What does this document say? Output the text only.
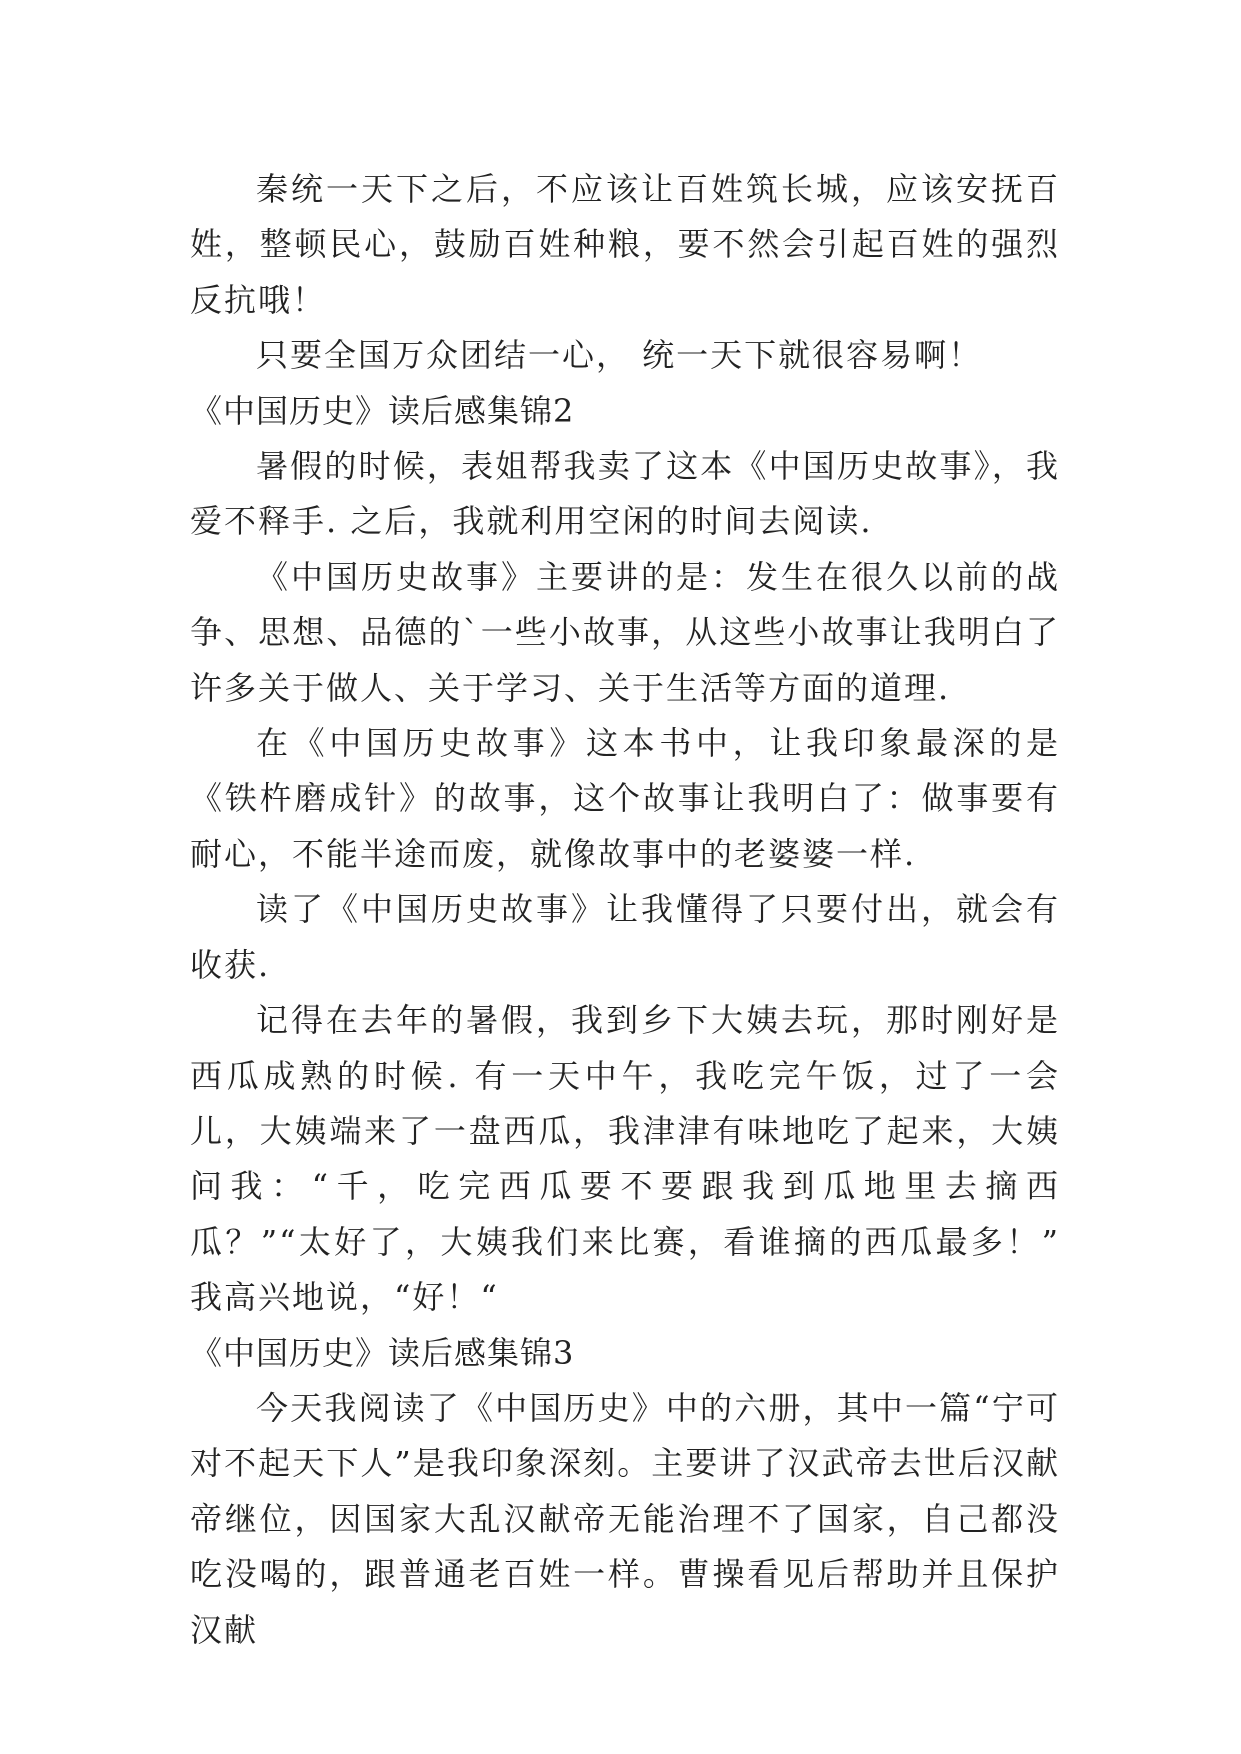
秦统一天下之后，不应该让百姓筑长城，应该安抚百姓，整顿民心，鼓励百姓种粮，要不然会引起百姓的强烈反抗哦！

只要全国万众团结一心， 统一天下就很容易啊！

《中国历史》读后感集锦2

暑假的时候，表姐帮我卖了这本《中国历史故事》，我爱不释手. 之后，我就利用空闲的时间去阅读.

《中国历史故事》主要讲的是：发生在很久以前的战争、思想、品德的`一些小故事，从这些小故事让我明白了许多关于做人、关于学习、关于生活等方面的道理.

在《中国历史故事》这本书中，让我印象最深的是《铁杵磨成针》的故事，这个故事让我明白了：做事要有耐心，不能半途而废，就像故事中的老婆婆一样.

读了《中国历史故事》让我懂得了只要付出，就会有收获.

记得在去年的暑假，我到乡下大姨去玩，那时刚好是西瓜成熟的时候. 有一天中午，我吃完午饭，过了一会儿，大姨端来了一盘西瓜，我津津有味地吃了起来，大姨问我：“千，吃完西瓜要不要跟我到瓜地里去摘西瓜？”“太好了，大姨我们来比赛，看谁摘的西瓜最多！” 我高兴地说，“好！“

《中国历史》读后感集锦3

今天我阅读了《中国历史》中的六册，其中一篇“宁可对不起天下人”是我印象深刻。主要讲了汉武帝去世后汉献帝继位，因国家大乱汉献帝无能治理不了国家，自己都没吃没喝的，跟普通老百姓一样。曹操看见后帮助并且保护汉献
